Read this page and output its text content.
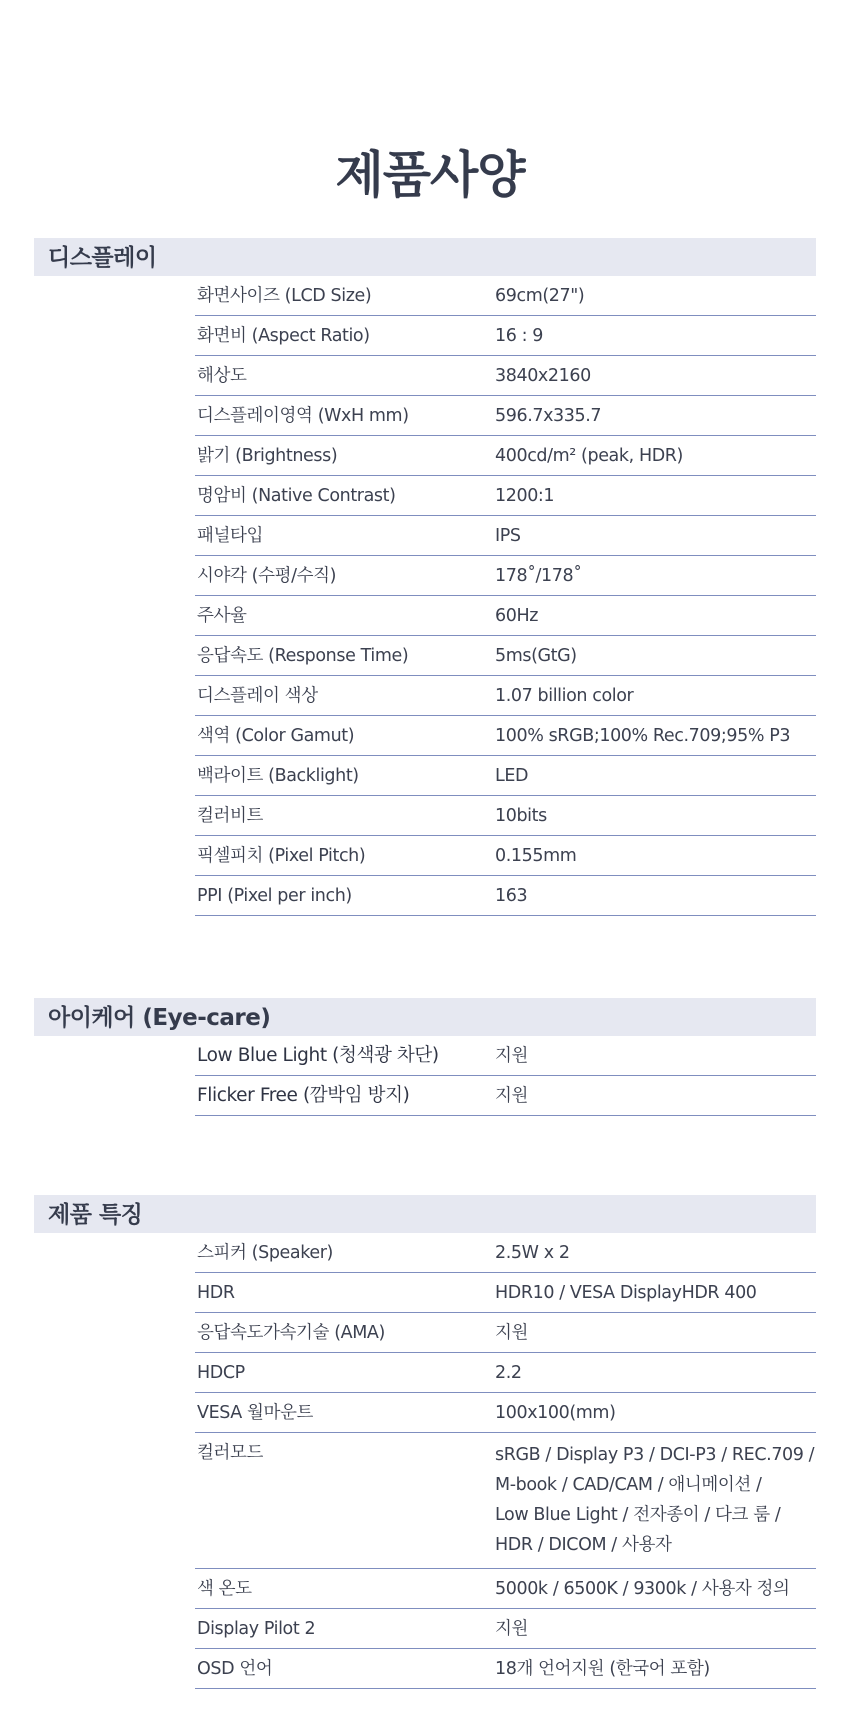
제품사양
디스플레이
화면사이즈 (LCD Size)	69cm(27")
화면비 (Aspect Ratio)	16 : 9
해상도	3840x2160
디스플레이영역 (WxH mm)	596.7x335.7
밝기 (Brightness)	400cd/m² (peak, HDR)
명암비 (Native Contrast)	1200:1
패널타입	IPS
시야각 (수평/수직)	178˚/178˚
주사율	60Hz
응답속도 (Response Time)	5ms(GtG)
디스플레이 색상	1.07 billion color
색역 (Color Gamut)	100% sRGB;100% Rec.709;95% P3
백라이트 (Backlight)	LED
컬러비트	10bits
픽셀피치 (Pixel Pitch)	0.155mm
PPI (Pixel per inch)	163
아이케어 (Eye-care)
Low Blue Light (청색광 차단)	지원
Flicker Free (깜박임 방지)	지원
제품 특징
스피커 (Speaker)	2.5W x 2
HDR	HDR10 / VESA DisplayHDR 400
응답속도가속기술 (AMA)	지원
HDCP	2.2
VESA 월마운트	100x100(mm)
컬러모드	sRGB / Display P3 / DCI-P3 / REC.709 /
M-book / CAD/CAM / 애니메이션 /
Low Blue Light / 전자종이 / 다크 룸 /
HDR / DICOM / 사용자
색 온도	5000k / 6500K / 9300k / 사용자 정의
Display Pilot 2	지원
OSD 언어	18개 언어지원 (한국어 포함)
